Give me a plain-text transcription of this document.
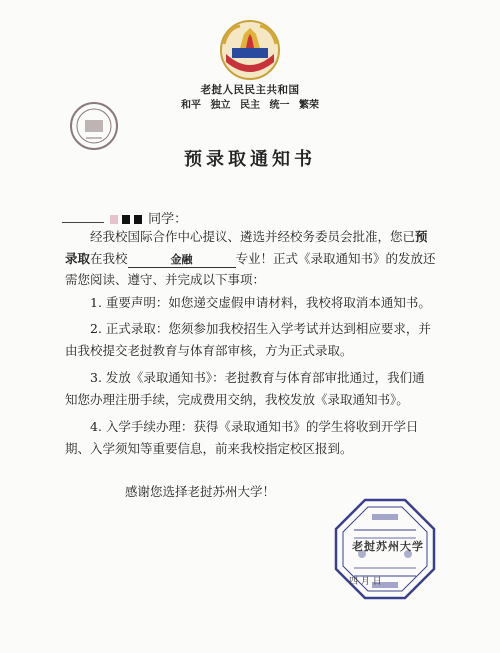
老挝人民民主共和国
和平 独立 民主 统一 繁荣
预录取通知书
同学：

经我校国际合作中心提议、遴选并经校务委员会批准，您已预录取在我校	金融	专业！正式《录取通知书》的发放还需您阅读、遵守、并完成以下事项：

1. 重要声明：如您递交虚假申请材料，我校将取消本通知书。

2. 正式录取：您须参加我校招生入学考试并达到相应要求，并由我校提交老挝教育与体育部审核，方为正式录取。

3. 发放《录取通知书》：老挝教育与体育部审批通过，我们通知您办理注册手续，完成费用交纳，我校发放《录取通知书》。

4. 入学手续办理：获得《录取通知书》的学生将收到开学日期、入学须知等重要信息，前来我校指定校区报到。

感谢您选择老挝苏州大学！
老挝苏州大学
四 月 日
